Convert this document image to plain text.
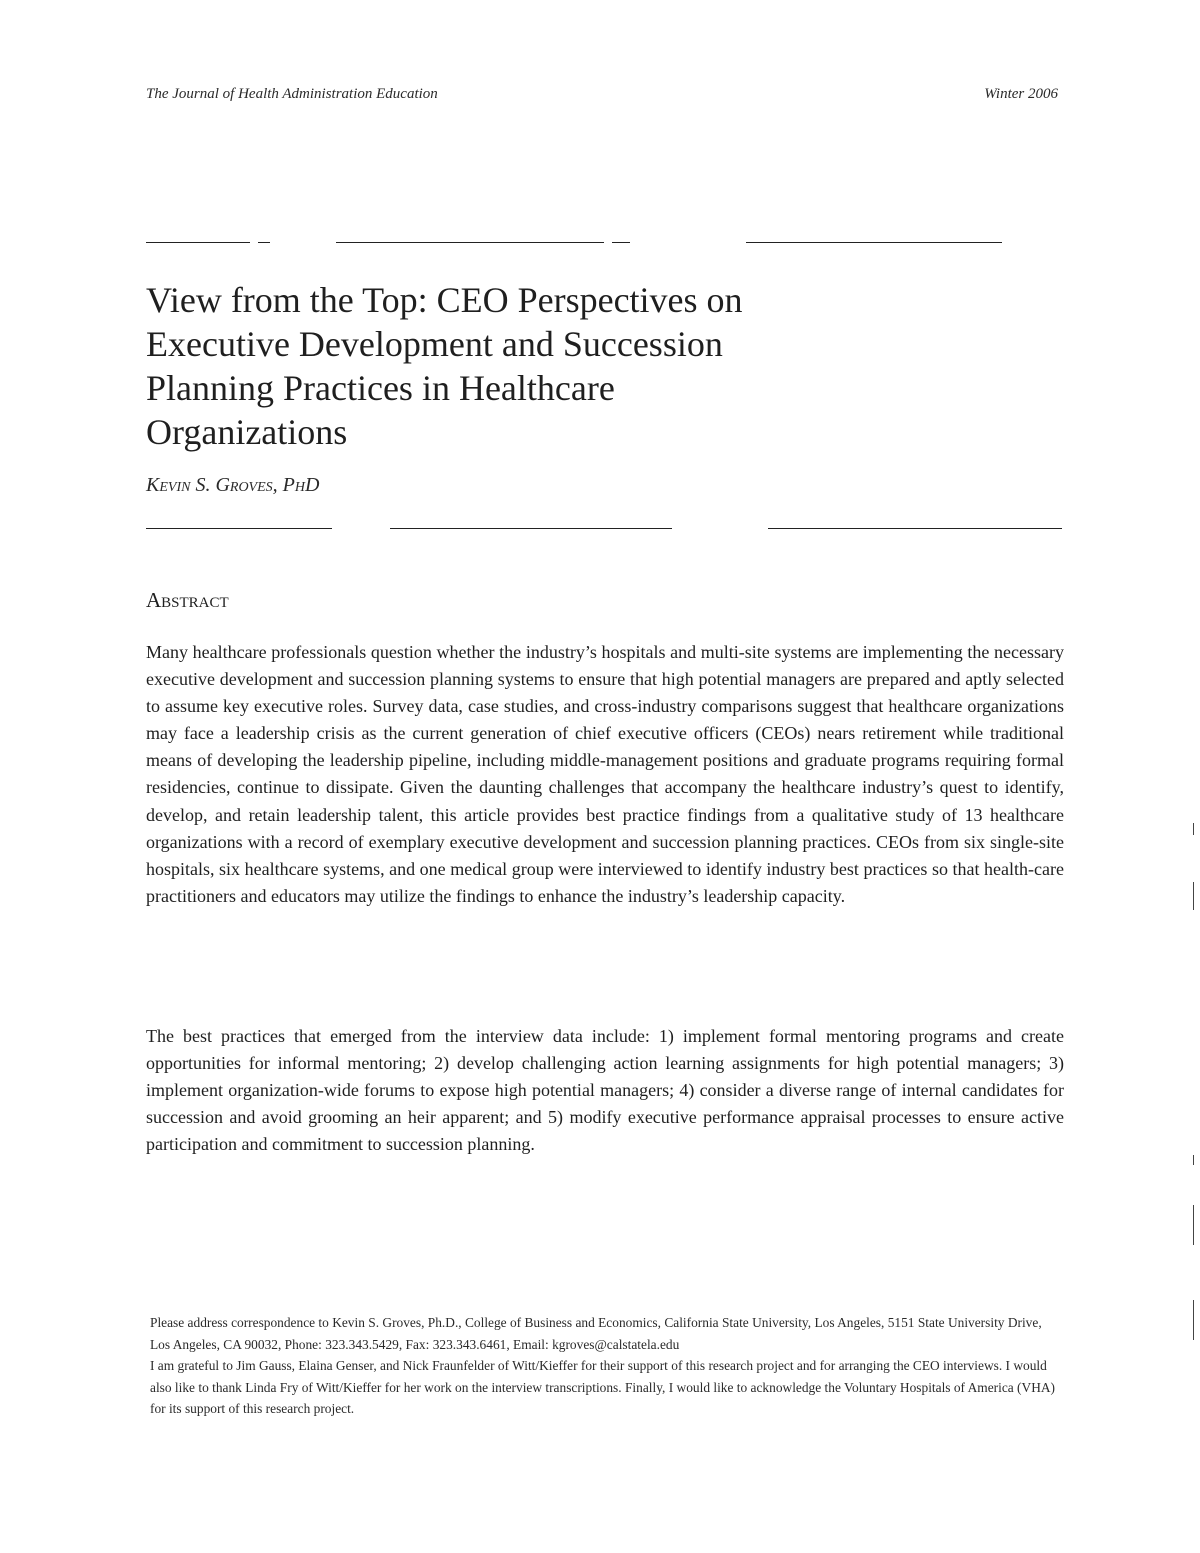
The Journal of Health Administration Education	Winter 2006
View from the Top: CEO Perspectives on Executive Development and Succession Planning Practices in Healthcare Organizations
Kevin S. Groves, PhD
Abstract

Many healthcare professionals question whether the industry’s hospitals and multi-site systems are implementing the necessary executive development and succession planning systems to ensure that high potential managers are prepared and aptly selected to assume key executive roles. Survey data, case studies, and cross-industry comparisons suggest that healthcare organizations may face a leadership crisis as the current generation of chief executive officers (CEOs) nears retirement while traditional means of developing the leadership pipeline, including middle-management positions and graduate programs requiring formal residencies, continue to dissipate. Given the daunting challenges that accompany the healthcare industry’s quest to identify, develop, and retain leadership talent, this article provides best practice findings from a qualitative study of 13 healthcare organizations with a record of exemplary executive development and succession planning practices. CEOs from six single-site hospitals, six healthcare systems, and one medical group were interviewed to identify industry best practices so that health-care practitioners and educators may utilize the findings to enhance the industry’s leadership capacity.

The best practices that emerged from the interview data include: 1) implement formal mentoring programs and create opportunities for informal mentoring; 2) develop challenging action learning assignments for high potential managers; 3) implement organization-wide forums to expose high potential managers; 4) consider a diverse range of internal candidates for succession and avoid grooming an heir apparent; and 5) modify executive performance appraisal processes to ensure active participation and commitment to succession planning.

Please address correspondence to Kevin S. Groves, Ph.D., College of Business and Economics, California State University, Los Angeles, 5151 State University Drive, Los Angeles, CA 90032, Phone: 323.343.5429, Fax: 323.343.6461, Email: kgroves@calstatela.edu

I am grateful to Jim Gauss, Elaina Genser, and Nick Fraunfelder of Witt/Kieffer for their support of this research project and for arranging the CEO interviews. I would also like to thank Linda Fry of Witt/Kieffer for her work on the interview transcriptions. Finally, I would like to acknowledge the Voluntary Hospitals of America (VHA) for its support of this research project.
